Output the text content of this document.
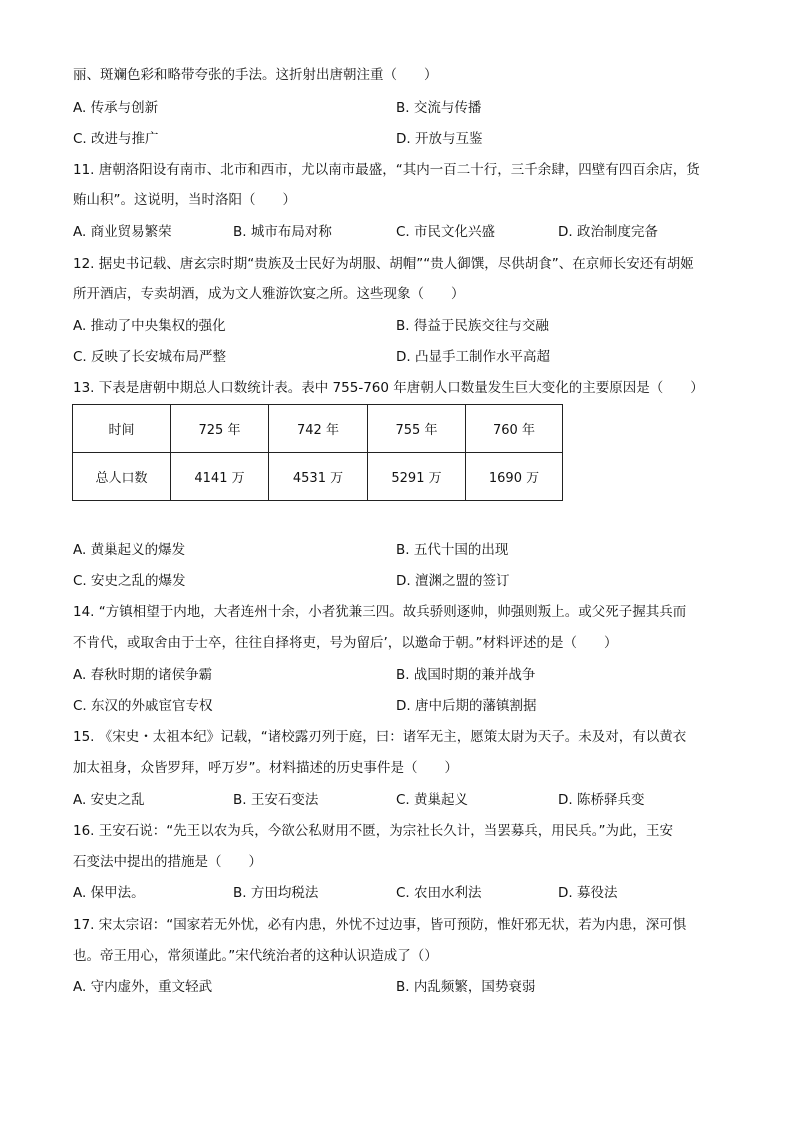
丽、斑斓色彩和略带夸张的手法。这折射出唐朝注重（　　）
A. 传承与创新	B. 交流与传播
C. 改进与推广	D. 开放与互鉴
11. 唐朝洛阳设有南市、北市和西市，尤以南市最盛，“其内一百二十行，三千余肆，四壁有四百余店，货
贿山积”。这说明，当时洛阳（　　）
A. 商业贸易繁荣	B. 城市布局对称	C. 市民文化兴盛	D. 政治制度完备
12. 据史书记载、唐玄宗时期“贵族及士民好为胡服、胡帽”“贵人御馔，尽供胡食”、在京师长安还有胡姬
所开酒店，专卖胡酒，成为文人雅游饮宴之所。这些现象（　　）
A. 推动了中央集权的强化	B. 得益于民族交往与交融
C. 反映了长安城布局严整	D. 凸显手工制作水平高超
13. 下表是唐朝中期总人口数统计表。表中 755-760 年唐朝人口数量发生巨大变化的主要原因是（　　）
时间	725 年	742 年	755 年	760 年
总人口数	4141 万	4531 万	5291 万	1690 万
A. 黄巢起义的爆发	B. 五代十国的出现
C. 安史之乱的爆发	D. 澶渊之盟的签订
14. “方镇相望于内地，大者连州十余，小者犹兼三四。故兵骄则逐帅，帅强则叛上。或父死子握其兵而
不肯代，或取舍由于士卒，往往自择将吏，号为留后’，以邀命于朝。”材料评述的是（　　）
A. 春秋时期的诸侯争霸	B. 战国时期的兼并战争
C. 东汉的外戚宦官专权	D. 唐中后期的藩镇割据
15. 《宋史・太祖本纪》记载，“诸校露刃列于庭，曰：诸军无主，愿策太尉为天子。未及对，有以黄衣
加太祖身，众皆罗拜，呼万岁”。材料描述的历史事件是（　　）
A. 安史之乱	B. 王安石变法	C. 黄巢起义	D. 陈桥驿兵变
16. 王安石说：“先王以农为兵，今欲公私财用不匮，为宗社长久计，当罢募兵，用民兵。”为此，王安
石变法中提出的措施是（　　）
A. 保甲法。	B. 方田均税法	C. 农田水利法	D. 募役法
17. 宋太宗诏：“国家若无外忧，必有内患，外忧不过边事，皆可预防，惟奸邪无状，若为内患，深可惧
也。帝王用心，常须谨此。”宋代统治者的这种认识造成了（）
A. 守内虚外，重文轻武	B. 内乱频繁，国势衰弱
